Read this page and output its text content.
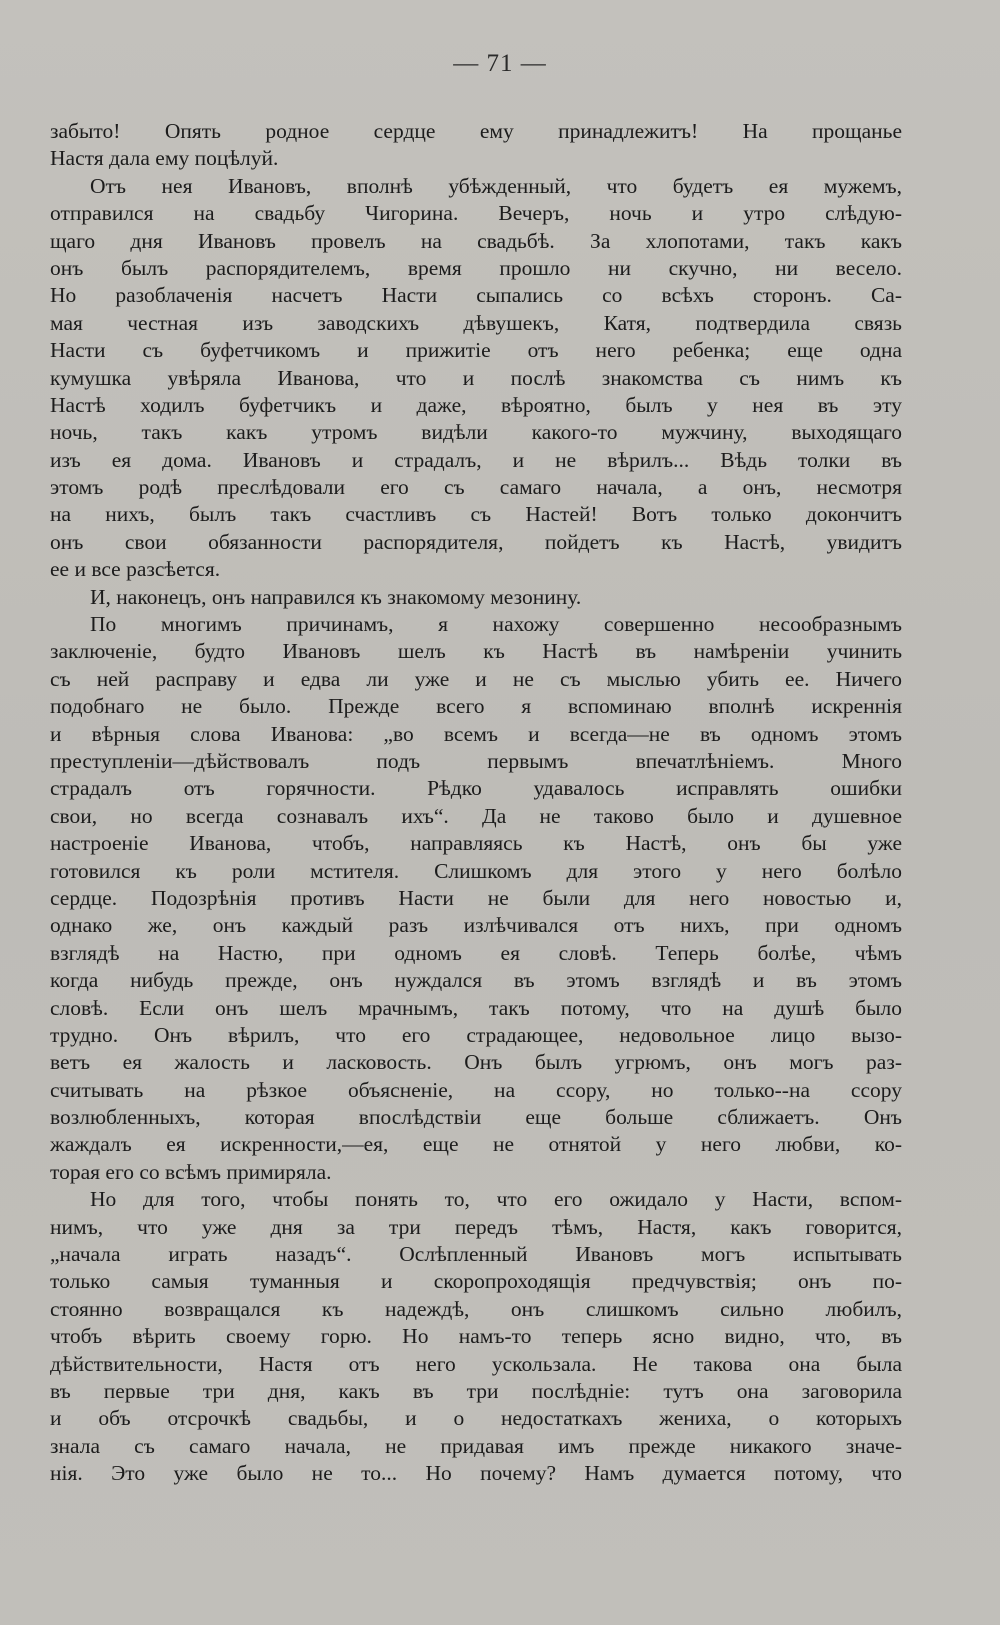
— 71 —
забыто! Опять родное сердце ему принадлежитъ! На прощанье
Настя дала ему поцѣлуй.
Отъ нея Ивановъ, вполнѣ убѣжденный, что будетъ ея мужемъ,
отправился на свадьбу Чигорина. Вечеръ, ночь и утро слѣдую-
щаго дня Ивановъ провелъ на свадьбѣ. За хлопотами, такъ какъ
онъ былъ распорядителемъ, время прошло ни скучно, ни весело.
Но разоблаченія насчетъ Насти сыпались со всѣхъ сторонъ. Са-
мая честная изъ заводскихъ дѣвушекъ, Катя, подтвердила связь
Насти съ буфетчикомъ и прижитіе отъ него ребенка; еще одна
кумушка увѣряла Иванова, что и послѣ знакомства съ нимъ къ
Настѣ ходилъ буфетчикъ и даже, вѣроятно, былъ у нея въ эту
ночь, такъ какъ утромъ видѣли какого-то мужчину, выходящаго
изъ ея дома. Ивановъ и страдалъ, и не вѣрилъ... Вѣдь толки въ
этомъ родѣ преслѣдовали его съ самаго начала, а онъ, несмотря
на нихъ, былъ такъ счастливъ съ Настей! Вотъ только докончитъ
онъ свои обязанности распорядителя, пойдетъ къ Настѣ, увидитъ
ее и все разсѣется.
И, наконецъ, онъ направился къ знакомому мезонину.
По многимъ причинамъ, я нахожу совершенно несообразнымъ
заключеніе, будто Ивановъ шелъ къ Настѣ въ намѣреніи учинить
съ ней расправу и едва ли уже и не съ мыслью убить ее. Ничего
подобнаго не было. Прежде всего я вспоминаю вполнѣ искреннія
и вѣрныя слова Иванова: „во всемъ и всегда—не въ одномъ этомъ
преступленіи—дѣйствовалъ подъ первымъ впечатлѣніемъ. Много
страдалъ отъ горячности. Рѣдко удавалось исправлять ошибки
свои, но всегда сознавалъ ихъ“. Да не таково было и душевное
настроеніе Иванова, чтобъ, направляясь къ Настѣ, онъ бы уже
готовился къ роли мстителя. Слишкомъ для этого у него болѣло
сердце. Подозрѣнія противъ Насти не были для него новостью и,
однако же, онъ каждый разъ излѣчивался отъ нихъ, при одномъ
взглядѣ на Настю, при одномъ ея словѣ. Теперь болѣе, чѣмъ
когда нибудь прежде, онъ нуждался въ этомъ взглядѣ и въ этомъ
словѣ. Если онъ шелъ мрачнымъ, такъ потому, что на душѣ было
трудно. Онъ вѣрилъ, что его страдающее, недовольное лицо вызо-
ветъ ея жалость и ласковость. Онъ былъ угрюмъ, онъ могъ раз-
считывать на рѣзкое объясненіе, на ссору, но только--на ссору
возлюбленныхъ, которая впослѣдствіи еще больше сближаетъ. Онъ
жаждалъ ея искренности,—ея, еще не отнятой у него любви, ко-
торая его со всѣмъ примиряла.
Но для того, чтобы понять то, что его ожидало у Насти, вспом-
нимъ, что уже дня за три передъ тѣмъ, Настя, какъ говорится,
„начала играть назадъ“. Ослѣпленный Ивановъ могъ испытывать
только самыя туманныя и скоропроходящія предчувствія; онъ по-
стоянно возвращался къ надеждѣ, онъ слишкомъ сильно любилъ,
чтобъ вѣрить своему горю. Но намъ-то теперь ясно видно, что, въ
дѣйствительности, Настя отъ него ускользала. Не такова она была
въ первые три дня, какъ въ три послѣдніе: тутъ она заговорила
и объ отсрочкѣ свадьбы, и о недостаткахъ жениха, о которыхъ
знала съ самаго начала, не придавая имъ прежде никакого значе-
нія. Это уже было не то... Но почему? Намъ думается потому, что
